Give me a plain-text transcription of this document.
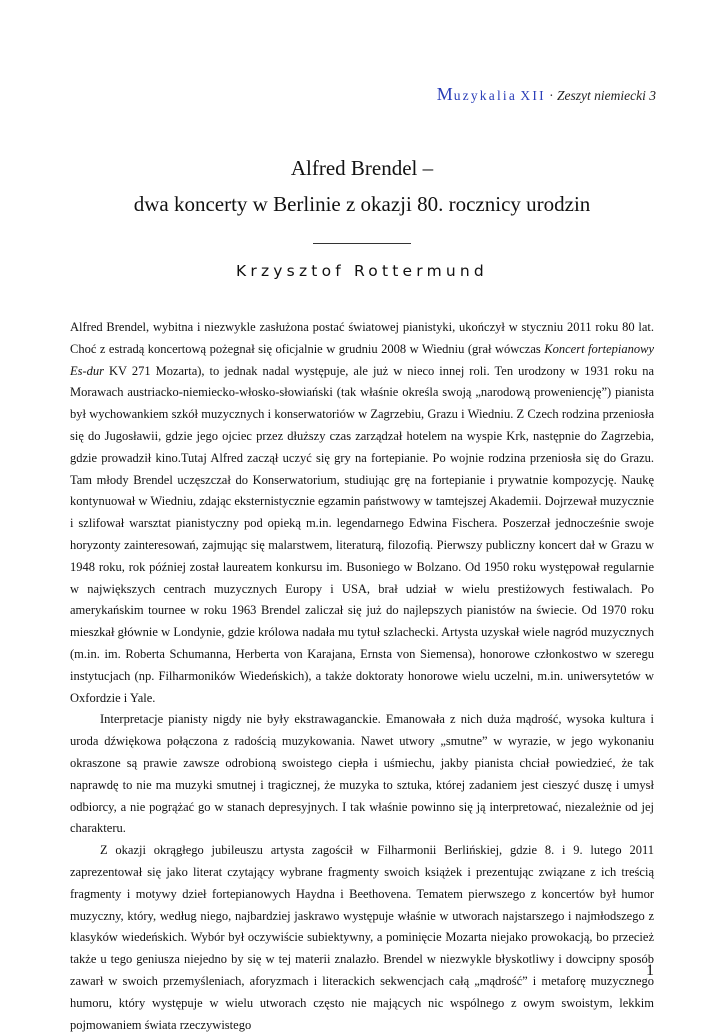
Muzykalia XII · Zeszyt niemiecki 3
Alfred Brendel –
dwa koncerty w Berlinie z okazji 80. rocznicy urodzin
Krzysztof Rottermund

Alfred Brendel, wybitna i niezwykle zasłużona postać światowej pianistyki, ukończył w styczniu 2011 roku 80 lat. Choć z estradą koncertową pożegnał się oficjalnie w grudniu 2008 w Wiedniu (grał wówczas Koncert fortepianowy Es-dur KV 271 Mozarta), to jednak nadal występuje, ale już w nieco innej roli. Ten urodzony w 1931 roku na Morawach austriacko-niemiecko-włosko-słowiański (tak właśnie określa swoją „narodową proweniencję”) pianista był wychowankiem szkół muzycznych i konserwatoriów w Zagrzebiu, Grazu i Wiedniu. Z Czech rodzina przeniosła się do Jugosławii, gdzie jego ojciec przez dłuższy czas zarządzał hotelem na wyspie Krk, następnie do Zagrzebia, gdzie prowadził kino.Tutaj Alfred zaczął uczyć się gry na fortepianie. Po wojnie rodzina przeniosła się do Grazu. Tam młody Brendel uczęszczał do Konserwatorium, studiując grę na fortepianie i prywatnie kompozycję. Naukę kontynuował w Wiedniu, zdając eksternistycznie egzamin państwowy w tamtejszej Akademii. Dojrzewał muzycznie i szlifował warsztat pianistyczny pod opieką m.in. legendarnego Edwina Fischera. Poszerzał jednocześnie swoje horyzonty zainteresowań, zajmując się malarstwem, literaturą, filozofią. Pierwszy publiczny koncert dał w Grazu w 1948 roku, rok później został laureatem konkursu im. Busoniego w Bolzano. Od 1950 roku występował regularnie w największych centrach muzycznych Europy i USA, brał udział w wielu prestiżowych festiwalach. Po amerykańskim tournee w roku 1963 Brendel zaliczał się już do najlepszych pianistów na świecie. Od 1970 roku mieszkał głównie w Londynie, gdzie królowa nadała mu tytuł szlachecki. Artysta uzyskał wiele nagród muzycznych (m.in. im. Roberta Schumanna, Herberta von Karajana, Ernsta von Siemensa), honorowe członkostwo w szeregu instytucjach (np. Filharmoników Wiedeńskich), a także doktoraty honorowe wielu uczelni, m.in. uniwersytetów w Oxfordzie i Yale.

Interpretacje pianisty nigdy nie były ekstrawaganckie. Emanowała z nich duża mądrość, wysoka kultura i uroda dźwiękowa połączona z radością muzykowania. Nawet utwory „smutne” w wyrazie, w jego wykonaniu okraszone są prawie zawsze odrobioną swoistego ciepła i uśmiechu, jakby pianista chciał powiedzieć, że tak naprawdę to nie ma muzyki smutnej i tragicznej, że muzyka to sztuka, której zadaniem jest cieszyć duszę i umysł odbiorcy, a nie pogrążać go w stanach depresyjnych. I tak właśnie powinno się ją interpretować, niezależnie od jej charakteru.

Z okazji okrągłego jubileuszu artysta zagościł w Filharmonii Berlińskiej, gdzie 8. i 9. lutego 2011 zaprezentował się jako literat czytający wybrane fragmenty swoich książek i prezentując związane z ich treścią fragmenty i motywy dzieł fortepianowych Haydna i Beethovena. Tematem pierwszego z koncertów był humor muzyczny, który, według niego, najbardziej jaskrawo występuje właśnie w utworach najstarszego i najmłodszego z klasyków wiedeńskich. Wybór był oczywiście subiektywny, a pominięcie Mozarta niejako prowokacją, bo przecież także u tego geniusza niejedno by się w tej materii znalazło. Brendel w niezwykle błyskotliwy i dowcipny sposób zawarł w swoich przemyśleniach, aforyzmach i literackich sekwencjach całą „mądrość” i metaforę muzycznego humoru, który występuje w wielu utworach często nie mających nic wspólnego z owym swoistym, lekkim pojmowaniem świata rzeczywistego

1
